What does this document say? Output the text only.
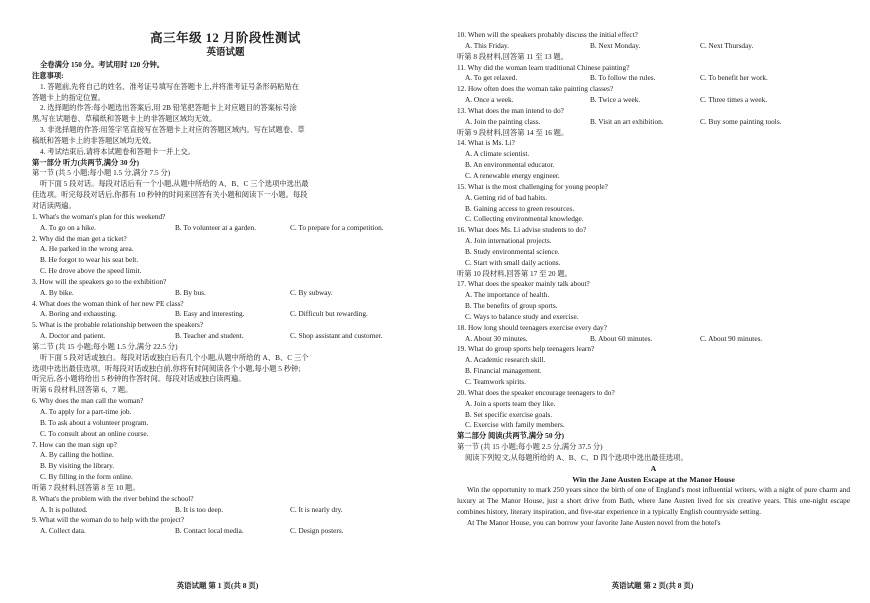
高三年级 12 月阶段性测试
英语试题
全卷满分 150 分。考试用时 120 分钟。
注意事项:
1. 答题前,先将自己的姓名、准考证号填写在答题卡上,并将准考证号条形码粘贴在
答题卡上的指定位置。
2. 选择题的作答:每小题选出答案后,用 2B 铅笔把答题卡上对应题目的答案标号涂
黑,写在试题卷、草稿纸和答题卡上的非答题区域均无效。
3. 非选择题的作答:用签字笔直接写在答题卡上对应的答题区域内。写在试题卷、草
稿纸和答题卡上的非答题区域均无效。
4. 考试结束后,请将本试题卷和答题卡一并上交。
第一部分 听力(共两节,满分 30 分)
第一节 (共 5 小题;每小题 1.5 分,满分 7.5 分)
听下面 5 段对话。每段对话后有一个小题,从题中所给的 A、B、C 三个选项中选出最
佳选项。听完每段对话后,你都有 10 秒钟的时间来回答有关小题和阅读下一小题。每段
对话读两遍。
1. What's the woman's plan for this weekend?
A. To go on a hike.	B. To volunteer at a garden.	C. To prepare for a competition.
2. Why did the man get a ticket?
A. He parked in the wrong area.
B. He forgot to wear his seat belt.
C. He drove above the speed limit.
3. How will the speakers go to the exhibition?
A. By bike.	B. By bus.	C. By subway.
4. What does the woman think of her new PE class?
A. Boring and exhausting.	B. Easy and interesting.	C. Difficult but rewarding.
5. What is the probable relationship between the speakers?
A. Doctor and patient.	B. Teacher and student.	C. Shop assistant and customer.
第二节 (共 15 小题;每小题 1.5 分,满分 22.5 分)
听下面 5 段对话或独白。每段对话或独白后有几个小题,从题中所给的 A、B、C 三个
选项中选出最佳选项。听每段对话或独白前,你将有时间阅读各个小题,每小题 5 秒钟;
听完后,各小题将给出 5 秒钟的作答时间。每段对话或独白读两遍。
听第 6 段材料,回答第 6、7 题。
6. Why does the man call the woman?
A. To apply for a part-time job.
B. To ask about a volunteer program.
C. To consult about an online course.
7. How can the man sign up?
A. By calling the hotline.
B. By visiting the library.
C. By filling in the form online.
听第 7 段材料,回答第 8 至 10 题。
8. What's the problem with the river behind the school?
A. It is polluted.	B. It is too deep.	C. It is nearly dry.
9. What will the woman do to help with the project?
A. Collect data.	B. Contact local media.	C. Design posters.
英语试题 第 1 页(共 8 页)
10. When will the speakers probably discuss the initial effect?
A. This Friday.	B. Next Monday.	C. Next Thursday.
听第 8 段材料,回答第 11 至 13 题。
11. Why did the woman learn traditional Chinese painting?
A. To get relaxed.	B. To follow the rules.	C. To benefit her work.
12. How often does the woman take painting classes?
A. Once a week.	B. Twice a week.	C. Three times a week.
13. What does the man intend to do?
A. Join the painting class.	B. Visit an art exhibition.	C. Buy some painting tools.
听第 9 段材料,回答第 14 至 16 题。
14. What is Ms. Li?
A. A climate scientist.
B. An environmental educator.
C. A renewable energy engineer.
15. What is the most challenging for young people?
A. Getting rid of bad habits.
B. Gaining access to green resources.
C. Collecting environmental knowledge.
16. What does Ms. Li advise students to do?
A. Join international projects.
B. Study environmental science.
C. Start with small daily actions.
听第 10 段材料,回答第 17 至 20 题。
17. What does the speaker mainly talk about?
A. The importance of health.
B. The benefits of group sports.
C. Ways to balance study and exercise.
18. How long should teenagers exercise every day?
A. About 30 minutes.	B. About 60 minutes.	C. About 90 minutes.
19. What do group sports help teenagers learn?
A. Academic research skill.
B. Financial management.
C. Teamwork spirits.
20. What does the speaker encourage teenagers to do?
A. Join a sports team they like.
B. Set specific exercise goals.
C. Exercise with family members.
第二部分 阅读(共两节,满分 50 分)
第一节 (共 15 小题;每小题 2.5 分,满分 37.5 分)
阅读下列短文,从每题所给的 A、B、C、D 四个选项中选出最佳选项。
A
Win the Jane Austen Escape at the Manor House
Win the opportunity to mark 250 years since the birth of one of England's most influential writers, with a night of pure charm and luxury at The Manor House, just a short drive from Bath, where Jane Austen lived for six creative years. This one-night escape combines history, literary inspiration, and five-star experience in a typically English countryside setting.
At The Manor House, you can borrow your favorite Jane Austen novel from the hotel's
英语试题 第 2 页(共 8 页)
